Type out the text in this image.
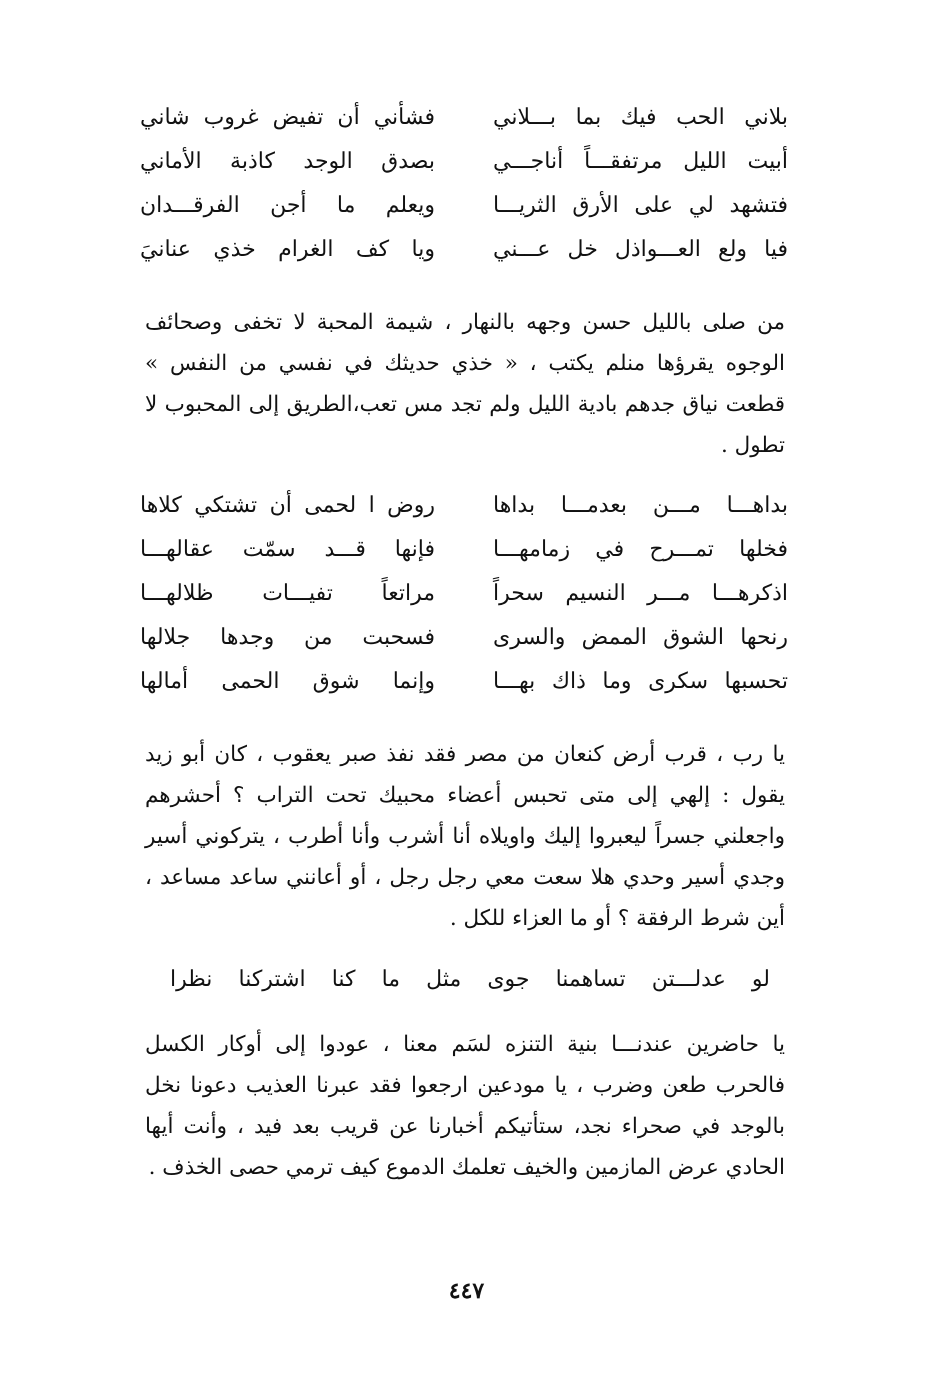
بلاني الحب فيك بما بـــلاني
فشأني أن تفيض غروب شاني
أبيت الليل مرتفقـــاً أناجـــي
بصدق الوجد كاذبة الأماني
فتشهد لي على الأرق الثريـــا
ويعلم ما أجن الفرقـــدان
فيا ولع العـــواذل خل عـــني
ويا كف الغرام خذي عنانيَ

من صلى بالليل حسن وجهه بالنهار ، شيمة المحبة لا تخفى وصحائف الوجوه يقرؤها منلم يكتب ، « خذي حديثك في نفسي من النفس » قطعت نياق جدهم بادية الليل ولم تجد مس تعب،الطريق إلى المحبوب لا تطول .

بداهـــا مـــن بعدمـــا بداها
روض ا لحمى أن تشتكي كلاها
فخلها تمـــرح في زمامهـــا
فإنها قـــد سمّت عقالهـــا
اذكرهـــا مـــر النسيم سحراً
مراتعاً تفيـــات ظلالهـــا
رنحها الشوق الممض والسرى
فسحبت من وجدها جلالها
تحسبها سكرى وما ذاك بهـــا
وإنما شوق الحمى أمالها

يا رب ، قرب أرض كنعان من مصر فقد نفذ صبر يعقوب ، كان أبو زيد يقول : إلهي إلى متى تحبس أعضاء محبيك تحت التراب ؟ أحشرهم واجعلني جسراً ليعبروا إليك واويلاه أنا أشرب وأنا أطرب ، يتركوني أسير وجدي أسير وحدي هلا سعت معي رجل رجل ، أو أعانني ساعد مساعد ، أين شرط الرفقة ؟ أو ما العزاء للكل .

لو عدلـــتن تساهمنا جوى مثل ما كنا اشتركنا نظرا

يا حاضرين عندنـــا بنية التنزه لسَم معنا ، عودوا إلى أوكار الكسل فالحرب طعن وضرب ، يا مودعين ارجعوا فقد عبرنا العذيب دعونا نخل بالوجد في صحراء نجد، ستأتيكم أخبارنا عن قريب بعد فيد ، وأنت أيها الحادي عرض المازمين والخيف تعلمك الدموع كيف ترمي حصى الخذف .

٤٤٧
